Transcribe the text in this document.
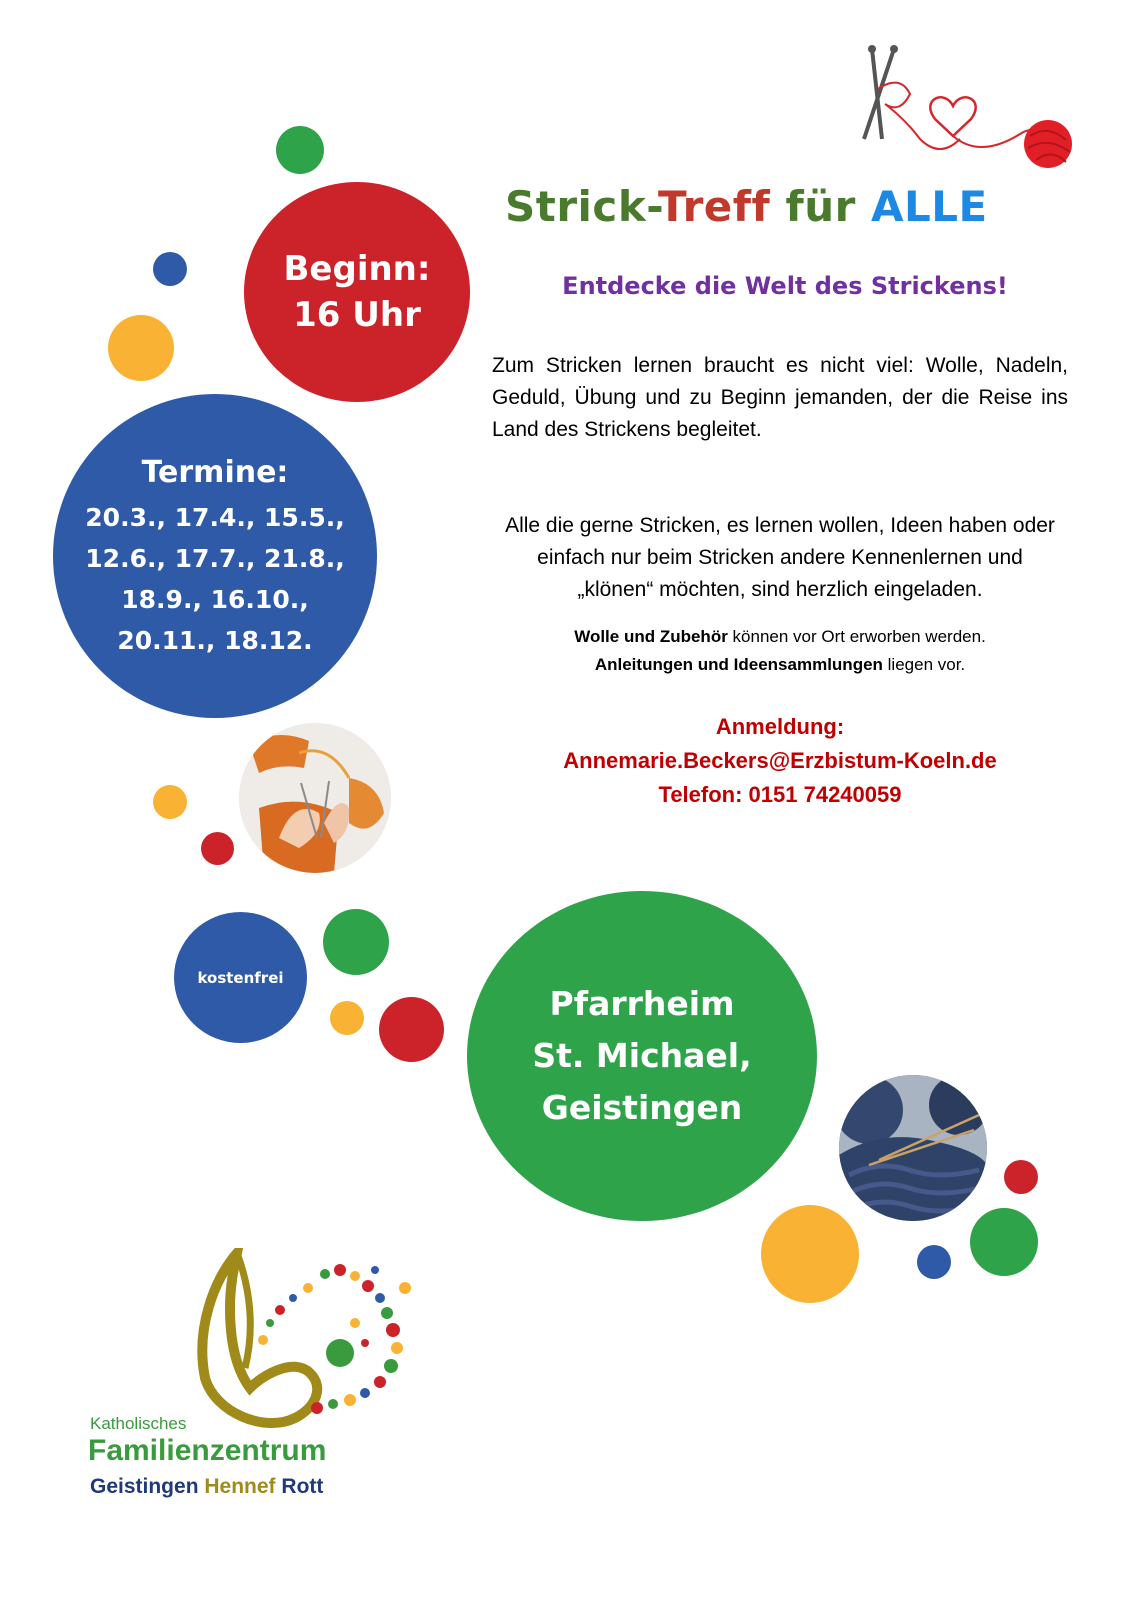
Beginn:
16 Uhr
Termine:
20.3., 17.4., 15.5.,
12.6., 17.7., 21.8.,
18.9., 16.10.,
20.11., 18.12.
kostenfrei
Pfarrheim
St. Michael,
Geistingen
Strick-Treff für ALLE
Entdecke die Welt des Strickens!
Zum Stricken lernen braucht es nicht viel: Wolle, Nadeln, Geduld, Übung und zu Beginn jemanden, der die Reise ins Land des Strickens begleitet.
Alle die gerne Stricken, es lernen wollen, Ideen haben oder
einfach nur beim Stricken andere Kennenlernen und
„klönen“ möchten, sind herzlich eingeladen.
Wolle und Zubehör können vor Ort erworben werden.
Anleitungen und Ideensammlungen liegen vor.
Anmeldung:
Annemarie.Beckers@Erzbistum-Koeln.de
Telefon: 0151 74240059
Katholisches
Familienzentrum
Geistingen Hennef Rott
